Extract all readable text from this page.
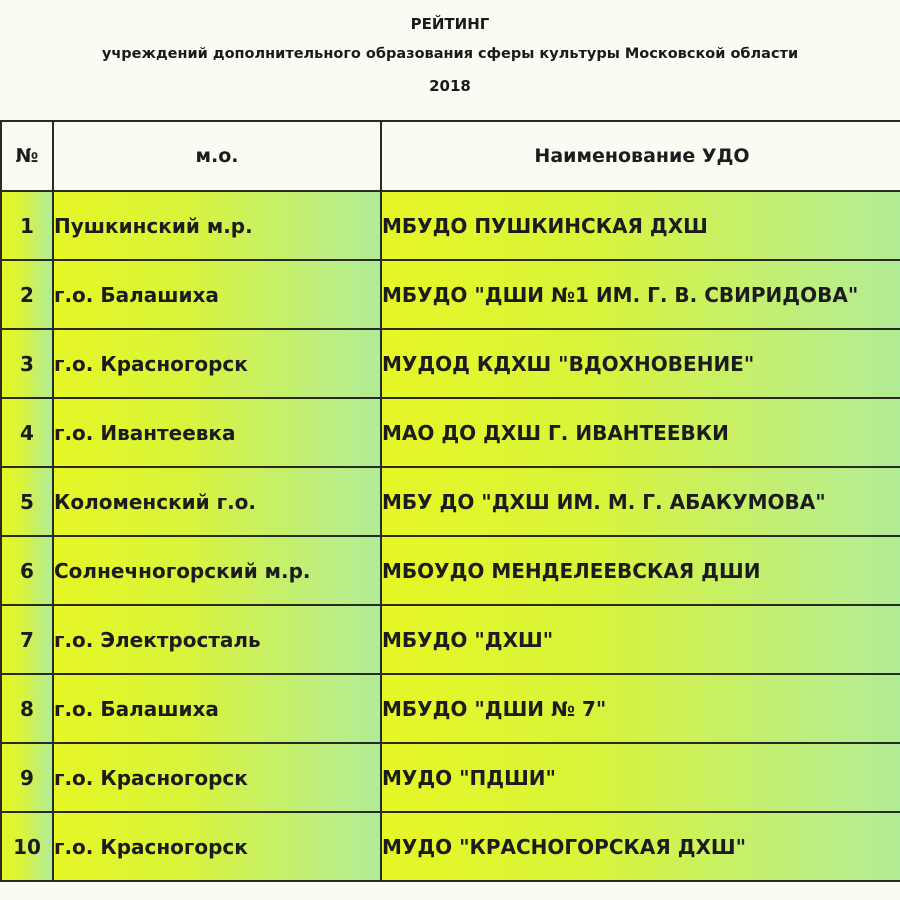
РЕЙТИНГ
учреждений дополнительного образования сферы культуры Московской области
2018
№	м.о.	Наименование УДО
1	Пушкинский м.р.	МБУДО ПУШКИНСКАЯ ДХШ
2	г.о. Балашиха	МБУДО "ДШИ №1 ИМ. Г. В. СВИРИДОВА"
3	г.о. Красногорск	МУДОД КДХШ "ВДОХНОВЕНИЕ"
4	г.о. Ивантеевка	МАО ДО ДХШ Г. ИВАНТЕЕВКИ
5	Коломенский г.о.	МБУ ДО "ДХШ ИМ. М. Г. АБАКУМОВА"
6	Солнечногорский м.р.	МБОУДО МЕНДЕЛЕЕВСКАЯ ДШИ
7	г.о. Электросталь	МБУДО "ДХШ"
8	г.о. Балашиха	МБУДО "ДШИ № 7"
9	г.о. Красногорск	МУДО "ПДШИ"
10	г.о. Красногорск	МУДО "КРАСНОГОРСКАЯ ДХШ"
